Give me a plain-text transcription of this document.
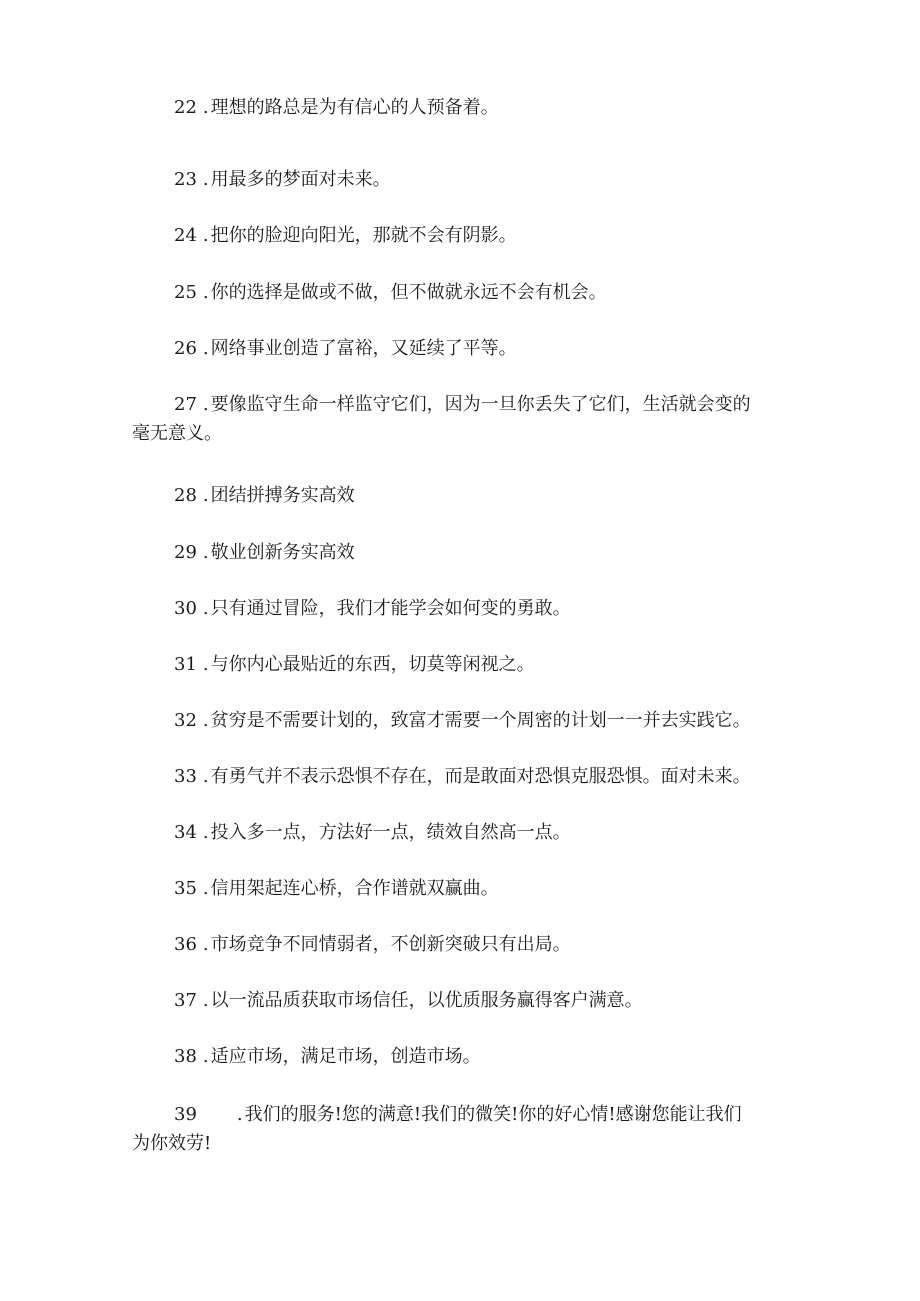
22 . 理想的路总是为有信心的人预备着。
23 . 用最多的梦面对未来。
24 . 把你的脸迎向阳光，那就不会有阴影。
25 . 你的选择是做或不做，但不做就永远不会有机会。
26 . 网络事业创造了富裕，又延续了平等。
27 . 要像监守生命一样监守它们，因为一旦你丢失了它们，生活就会变的
毫无意义。
28 . 团结拼搏务实高效
29 . 敬业创新务实高效
30 . 只有通过冒险，我们才能学会如何变的勇敢。
31 . 与你内心最贴近的东西，切莫等闲视之。
32 . 贫穷是不需要计划的，致富才需要一个周密的计划一一并去实践它。
33 . 有勇气并不表示恐惧不存在，而是敢面对恐惧克服恐惧。面对未来。
34 . 投入多一点，方法好一点，绩效自然高一点。
35 . 信用架起连心桥，合作谱就双赢曲。
36 . 市场竞争不同情弱者，不创新突破只有出局。
37 . 以一流品质获取市场信任，以优质服务赢得客户满意。
38 . 适应市场，满足市场，创造市场。
39 . 我们的服务!您的满意!我们的微笑!你的好心情!感谢您能让我们
为你效劳!
